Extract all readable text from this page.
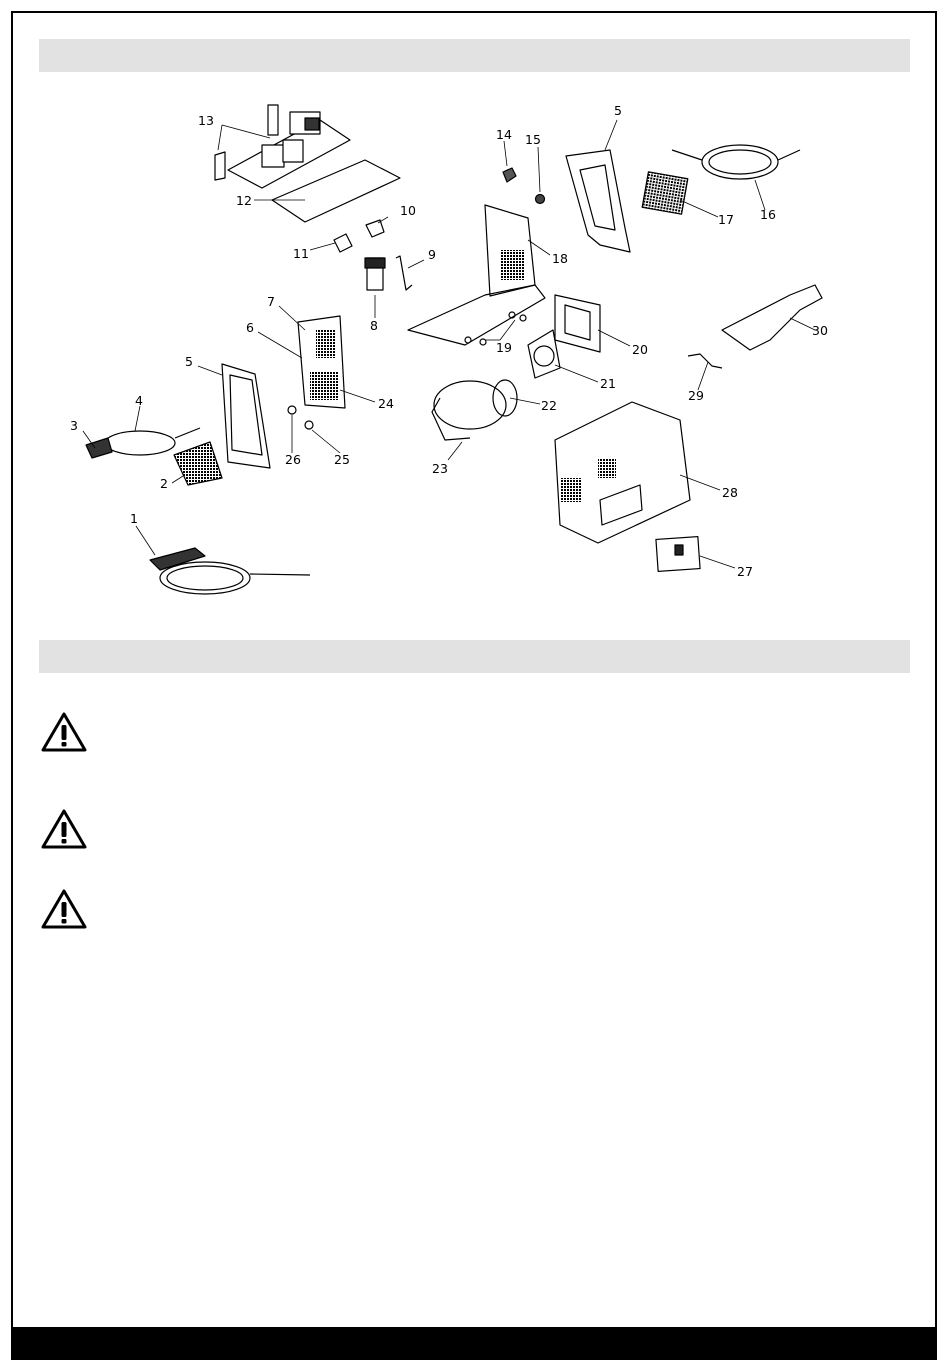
1
2
3
4
5
5
6
7
8
9
10
11
12
13
14 15
16
17
18
19	20
21
22
23
24
25
26
27
28
29
30
